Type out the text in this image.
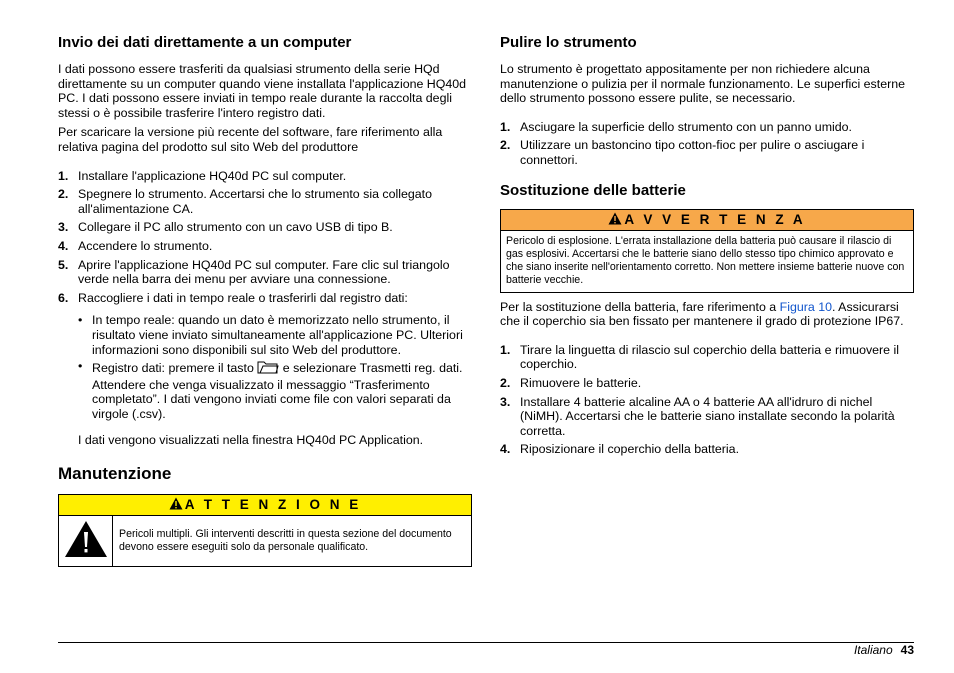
Invio dei dati direttamente a un computer

I dati possono essere trasferiti da qualsiasi strumento della serie HQd direttamente su un computer quando viene installata l'applicazione HQ40d PC. I dati possono essere inviati in tempo reale durante la raccolta degli stessi o è possibile trasferire l'intero registro dati.

Per scaricare la versione più recente del software, fare riferimento alla relativa pagina del prodotto sul sito Web del produttore

1. Installare l'applicazione HQ40d PC sul computer.
2. Spegnere lo strumento. Accertarsi che lo strumento sia collegato all'alimentazione CA.
3. Collegare il PC allo strumento con un cavo USB di tipo B.
4. Accendere lo strumento.
5. Aprire l'applicazione HQ40d PC sul computer. Fare clic sul triangolo verde nella barra dei menu per avviare una connessione.
6. Raccogliere i dati in tempo reale o trasferirli dal registro dati:
• In tempo reale: quando un dato è memorizzato nello strumento, il risultato viene inviato simultaneamente all'applicazione PC. Ulteriori informazioni sono disponibili sul sito Web del produttore.
• Registro dati: premere il tasto  e selezionare Trasmetti reg. dati. Attendere che venga visualizzato il messaggio “Trasferimento completato”. I dati vengono inviati come file con valori separati da virgole (.csv).

I dati vengono visualizzati nella finestra HQ40d PC Application.

Manutenzione
A T T E N Z I O N E
Pericoli multipli. Gli interventi descritti in questa sezione del documento devono essere eseguiti solo da personale qualificato.
Pulire lo strumento

Lo strumento è progettato appositamente per non richiedere alcuna manutenzione o pulizia per il normale funzionamento. Le superfici esterne dello strumento possono essere pulite, se necessario.

1. Asciugare la superficie dello strumento con un panno umido.
2. Utilizzare un bastoncino tipo cotton-fioc per pulire o asciugare i connettori.
Sostituzione delle batterie
A V V E R T E N Z A
Pericolo di esplosione. L'errata installazione della batteria può causare il rilascio di gas esplosivi. Accertarsi che le batterie siano dello stesso tipo chimico approvato e che siano inserite nell'orientamento corretto. Non mettere insieme batterie nuove con batterie vecchie.

Per la sostituzione della batteria, fare riferimento a Figura 10. Assicurarsi che il coperchio sia ben fissato per mantenere il grado di protezione IP67.

1. Tirare la linguetta di rilascio sul coperchio della batteria e rimuovere il coperchio.
2. Rimuovere le batterie.
3. Installare 4 batterie alcaline AA o 4 batterie AA all'idruro di nichel (NiMH). Accertarsi che le batterie siano installate secondo la polarità corretta.
4. Riposizionare il coperchio della batteria.
Italiano 43
